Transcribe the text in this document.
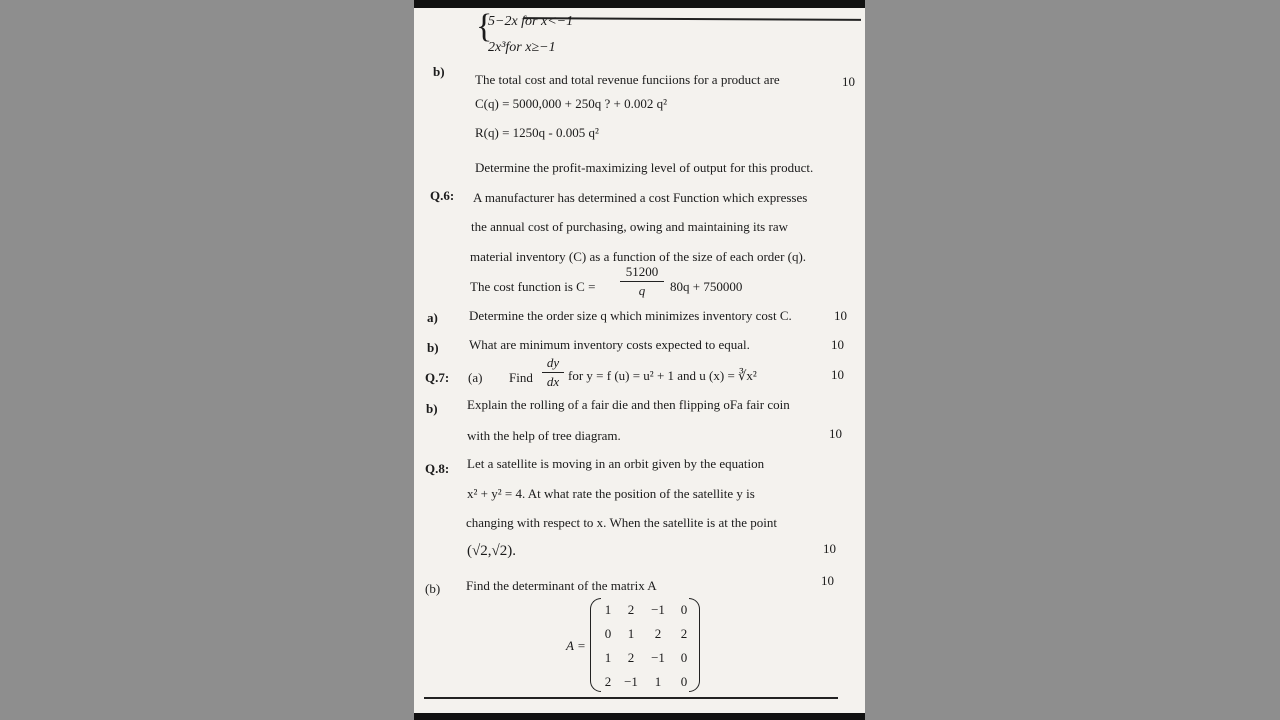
{
5−2x for x<−1
2x³for x≥−1
b)
The total cost and total revenue funciions for a product are	10
C(q) = 5000,000 + 250q ? + 0.002 q²
R(q) = 1250q - 0.005 q²
Determine the profit-maximizing level of output for this product.
Q.6: A manufacturer has determined a cost Function which expresses
the annual cost of purchasing, owing and maintaining its raw
material inventory (C) as a function of the size of each order (q).
The cost function is C =
51200
q	80q + 750000
a) Determine the order size q which minimizes inventory cost C.	10
b) What are minimum inventory costs expected to equal.	10
Q.7: (a) Find
dy
dx for y = f (u) = u² + 1 and u (x) = ∛x²	10
b) Explain the rolling of a fair die and then flipping oFa fair coin
with the help of tree diagram.	10
Q.8: Let a satellite is moving in an orbit given by the equation
x² + y² = 4. At what rate the position of the satellite y is
changing with respect to x. When the satellite is at the point
(√2,√2).	10
(b) Find the determinant of the matrix A	10
A =
1	2	−1	0
0	1	2	2
1	2	−1	0
2 −1	1	0
